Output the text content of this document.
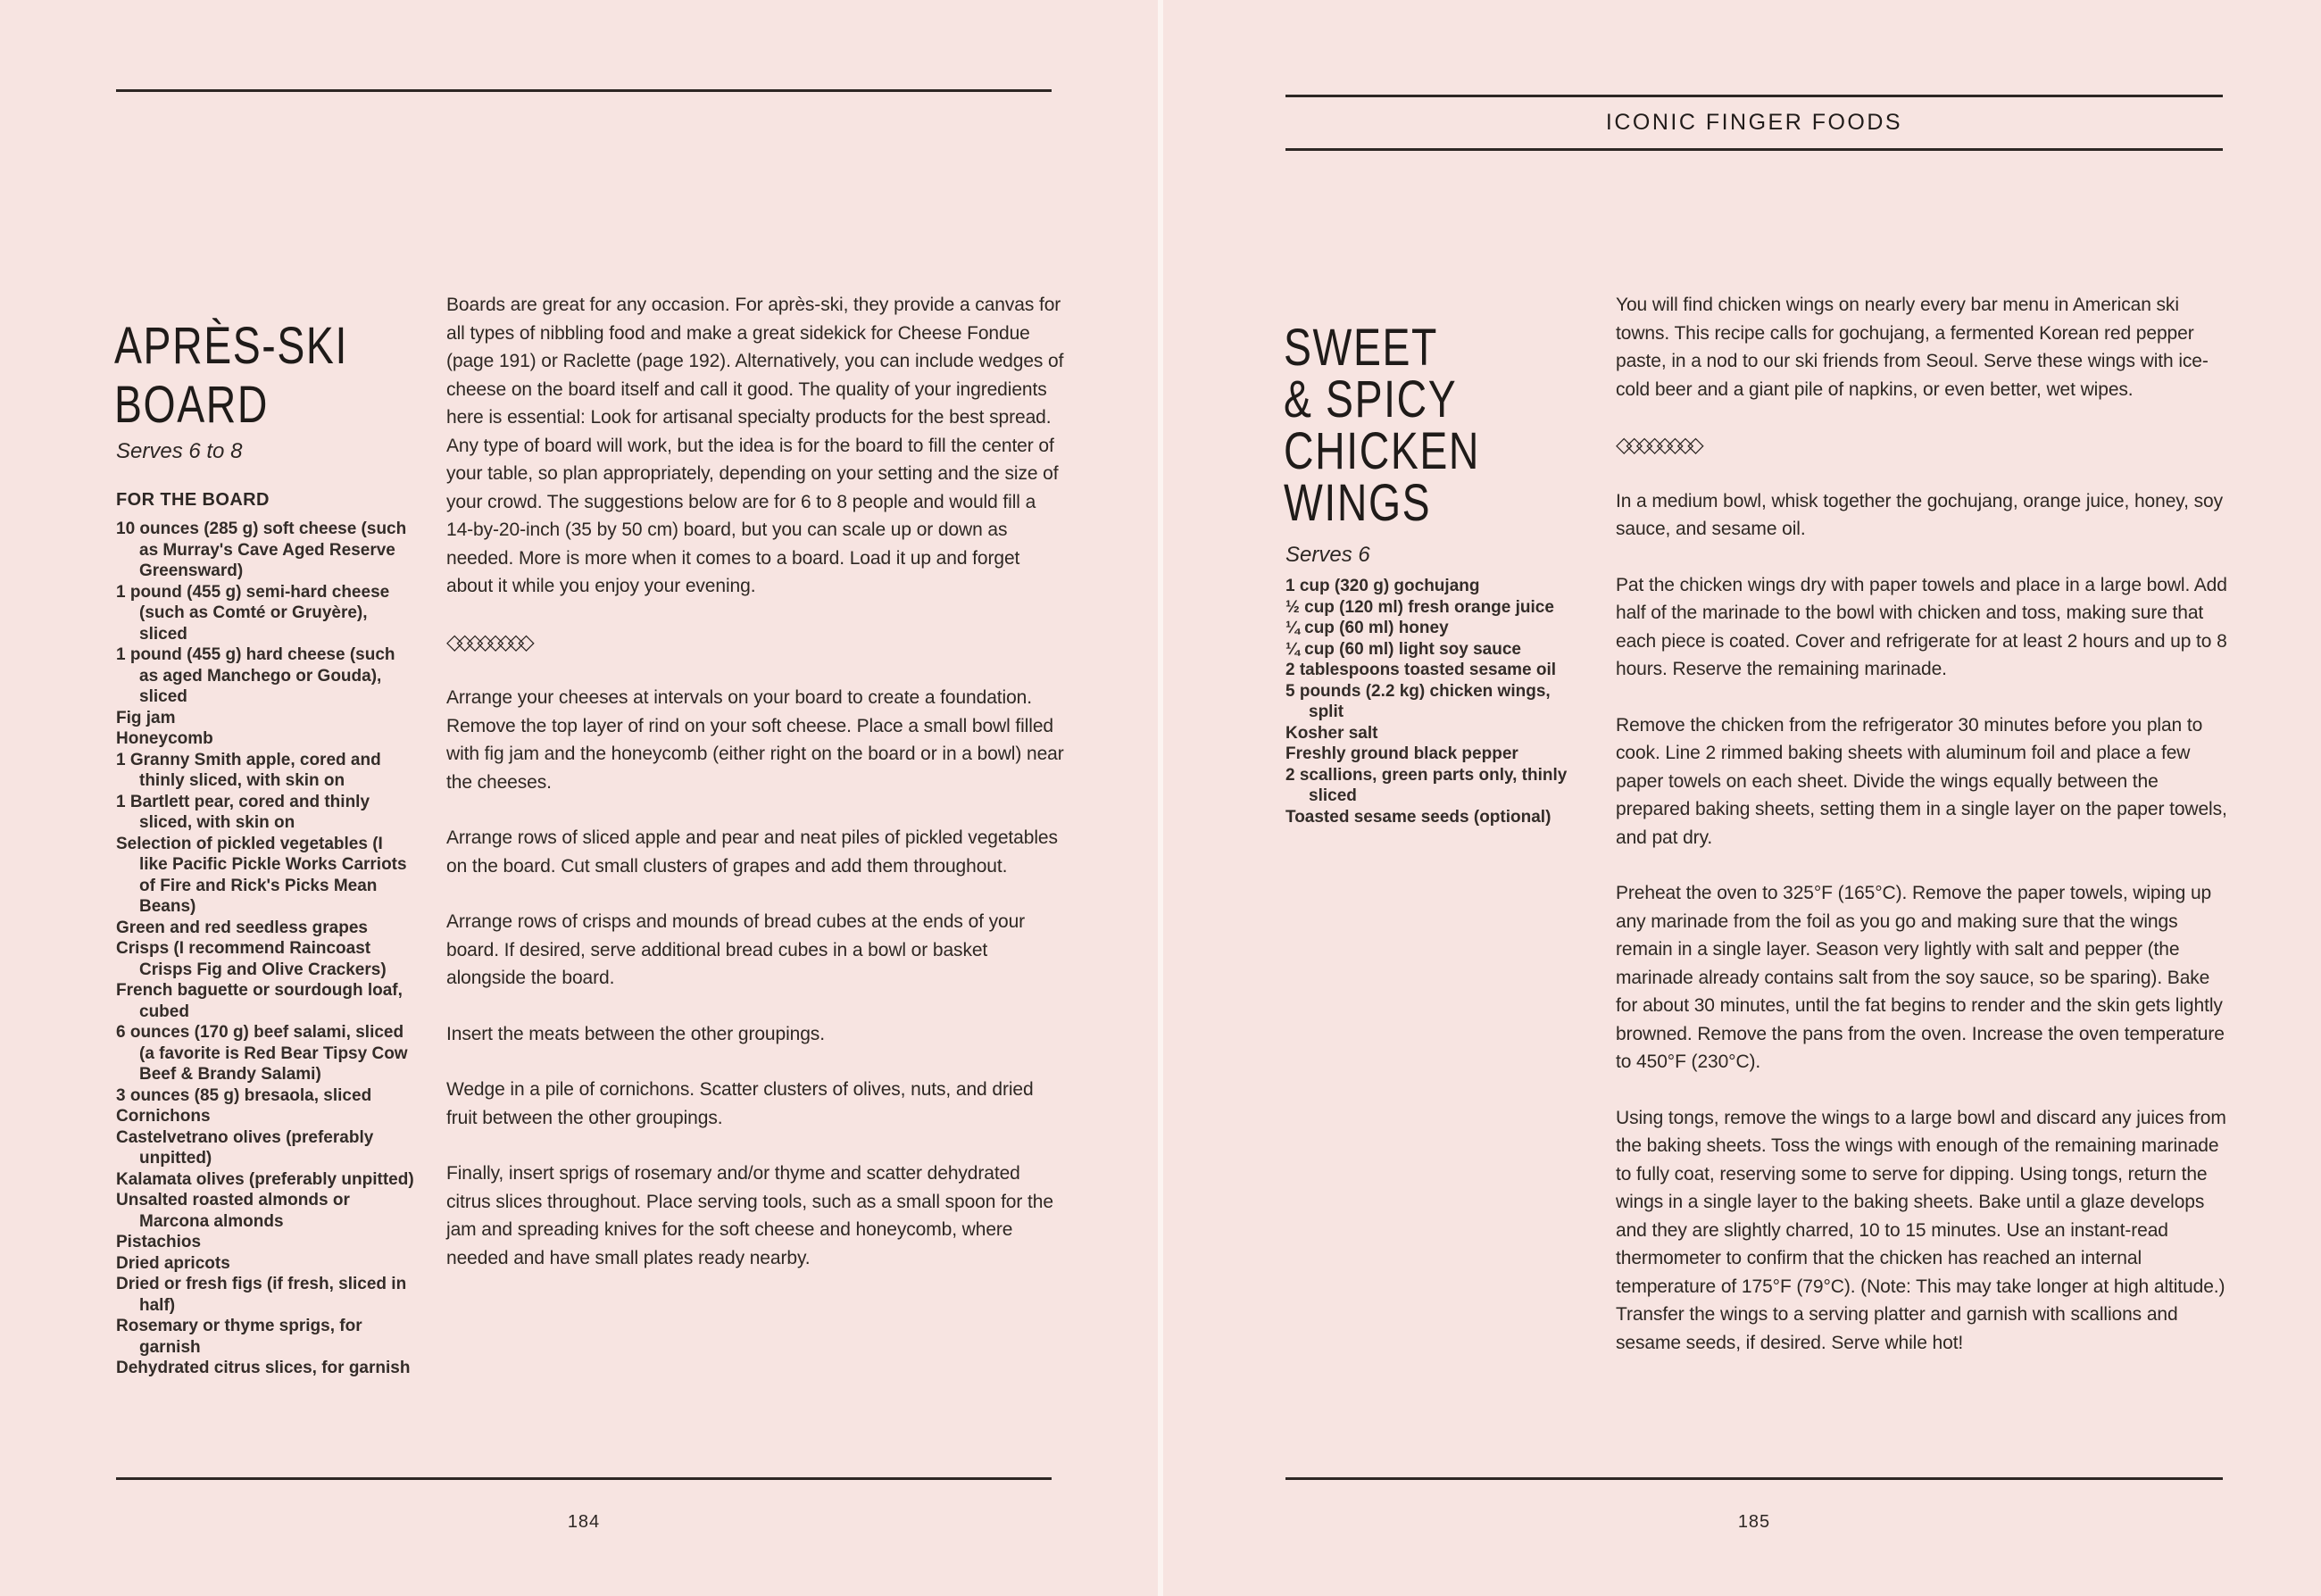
APRÈS-SKI
BOARD
Serves 6 to 8
FOR THE BOARD
10 ounces (285 g) soft cheese (such as Murray's Cave Aged Reserve Greensward)
1 pound (455 g) semi-hard cheese (such as Comté or Gruyère), sliced
1 pound (455 g) hard cheese (such as aged Manchego or Gouda), sliced
Fig jam
Honeycomb
1 Granny Smith apple, cored and thinly sliced, with skin on
1 Bartlett pear, cored and thinly sliced, with skin on
Selection of pickled vegetables (I like Pacific Pickle Works Carriots of Fire and Rick's Picks Mean Beans)
Green and red seedless grapes
Crisps (I recommend Raincoast Crisps Fig and Olive Crackers)
French baguette or sourdough loaf, cubed
6 ounces (170 g) beef salami, sliced (a favorite is Red Bear Tipsy Cow Beef & Brandy Salami)
3 ounces (85 g) bresaola, sliced
Cornichons
Castelvetrano olives (preferably unpitted)
Kalamata olives (preferably unpitted)
Unsalted roasted almonds or Marcona almonds
Pistachios
Dried apricots
Dried or fresh figs (if fresh, sliced in half)
Rosemary or thyme sprigs, for garnish
Dehydrated citrus slices, for garnish

Boards are great for any occasion. For après-ski, they provide a canvas for all types of nibbling food and make a great sidekick for Cheese Fondue (page 191) or Raclette (page 192). Alternatively, you can include wedges of cheese on the board itself and call it good. The quality of your ingredients here is essential: Look for artisanal specialty products for the best spread. Any type of board will work, but the idea is for the board to fill the center of your table, so plan appropriately, depending on your setting and the size of your crowd. The suggestions below are for 6 to 8 people and would fill a 14-by-20-inch (35 by 50 cm) board, but you can scale up or down as needed. More is more when it comes to a board. Load it up and forget about it while you enjoy your evening.

◇◇◇◇◇◇◇◇

Arrange your cheeses at intervals on your board to create a foundation. Remove the top layer of rind on your soft cheese. Place a small bowl filled with fig jam and the honeycomb (either right on the board or in a bowl) near the cheeses.

Arrange rows of sliced apple and pear and neat piles of pickled vegetables on the board. Cut small clusters of grapes and add them throughout.

Arrange rows of crisps and mounds of bread cubes at the ends of your board. If desired, serve additional bread cubes in a bowl or basket alongside the board.

Insert the meats between the other groupings.

Wedge in a pile of cornichons. Scatter clusters of olives, nuts, and dried fruit between the other groupings.

Finally, insert sprigs of rosemary and/or thyme and scatter dehydrated citrus slices throughout. Place serving tools, such as a small spoon for the jam and spreading knives for the soft cheese and honeycomb, where needed and have small plates ready nearby.

184
ICONIC FINGER FOODS
SWEET
& SPICY
CHICKEN
WINGS
Serves 6
1 cup (320 g) gochujang
½ cup (120 ml) fresh orange juice
¼ cup (60 ml) honey
¼ cup (60 ml) light soy sauce
2 tablespoons toasted sesame oil
5 pounds (2.2 kg) chicken wings, split
Kosher salt
Freshly ground black pepper
2 scallions, green parts only, thinly sliced
Toasted sesame seeds (optional)

You will find chicken wings on nearly every bar menu in American ski towns. This recipe calls for gochujang, a fermented Korean red pepper paste, in a nod to our ski friends from Seoul. Serve these wings with ice-cold beer and a giant pile of napkins, or even better, wet wipes.

◇◇◇◇◇◇◇◇

In a medium bowl, whisk together the gochujang, orange juice, honey, soy sauce, and sesame oil.

Pat the chicken wings dry with paper towels and place in a large bowl. Add half of the marinade to the bowl with chicken and toss, making sure that each piece is coated. Cover and refrigerate for at least 2 hours and up to 8 hours. Reserve the remaining marinade.

Remove the chicken from the refrigerator 30 minutes before you plan to cook. Line 2 rimmed baking sheets with aluminum foil and place a few paper towels on each sheet. Divide the wings equally between the prepared baking sheets, setting them in a single layer on the paper towels, and pat dry.

Preheat the oven to 325°F (165°C). Remove the paper towels, wiping up any marinade from the foil as you go and making sure that the wings remain in a single layer. Season very lightly with salt and pepper (the marinade already contains salt from the soy sauce, so be sparing). Bake for about 30 minutes, until the fat begins to render and the skin gets lightly browned. Remove the pans from the oven. Increase the oven temperature to 450°F (230°C).

Using tongs, remove the wings to a large bowl and discard any juices from the baking sheets. Toss the wings with enough of the remaining marinade to fully coat, reserving some to serve for dipping. Using tongs, return the wings in a single layer to the baking sheets. Bake until a glaze develops and they are slightly charred, 10 to 15 minutes. Use an instant-read thermometer to confirm that the chicken has reached an internal temperature of 175°F (79°C). (Note: This may take longer at high altitude.) Transfer the wings to a serving platter and garnish with scallions and sesame seeds, if desired. Serve while hot!

185
